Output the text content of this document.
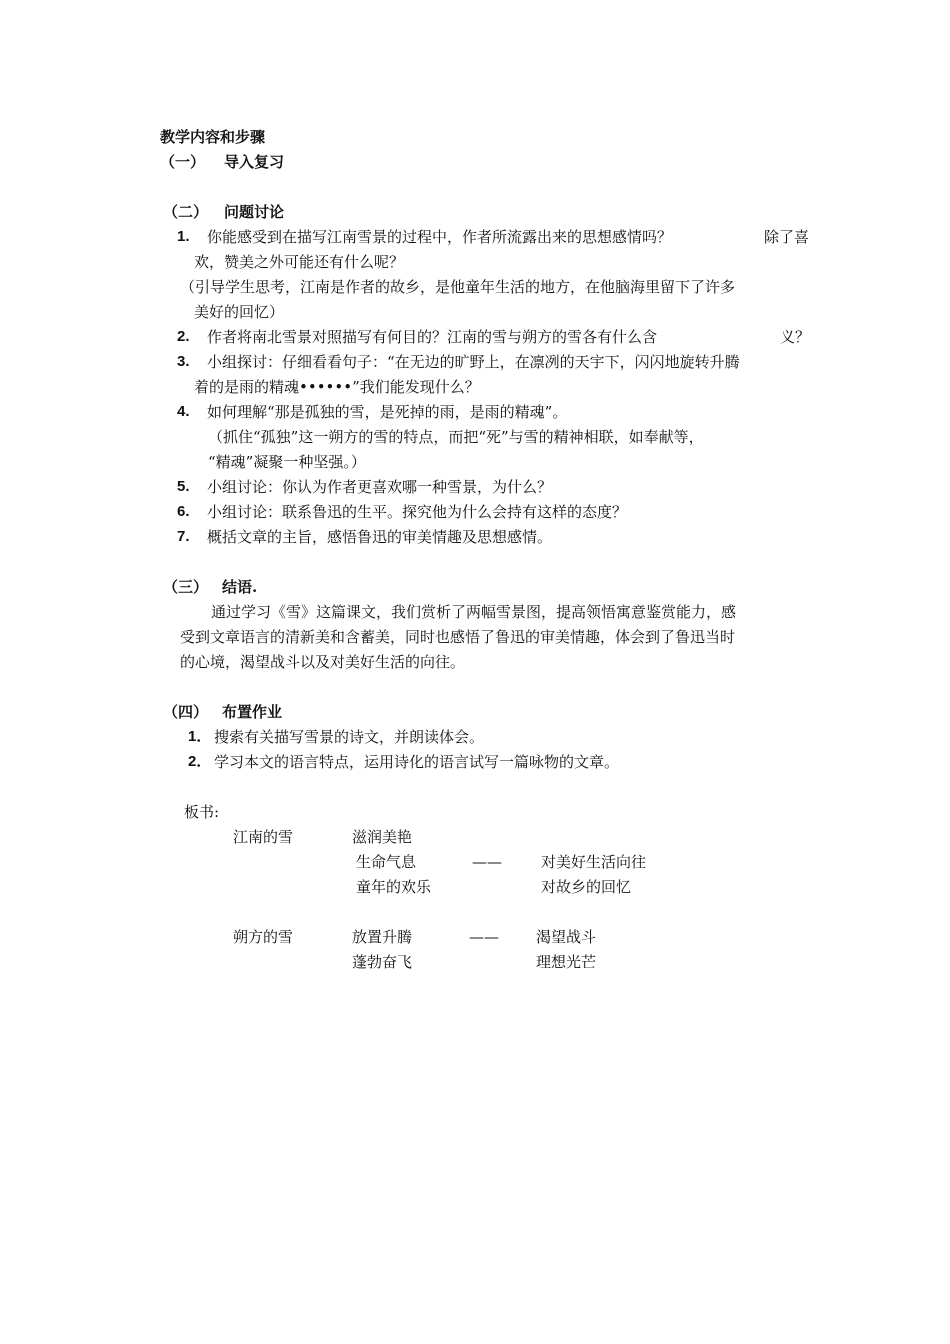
教学内容和步骤
（一） 导入复习
（二） 问题讨论
1. 你能感受到在描写江南雪景的过程中，作者所流露出来的思想感情吗？	除了喜
欢，赞美之外可能还有什么呢？
（引导学生思考，江南是作者的故乡，是他童年生活的地方，在他脑海里留下了许多
美好的回忆）
2. 作者将南北雪景对照描写有何目的？江南的雪与朔方的雪各有什么含	义？
3. 小组探讨：仔细看看句子：“在无边的旷野上，在凛冽的天宇下，闪闪地旋转升腾
着的是雨的精魂••••••”我们能发现什么？
4. 如何理解“那是孤独的雪，是死掉的雨，是雨的精魂”。
（抓住“孤独”这一朔方的雪的特点，而把“死”与雪的精神相联，如奉献等，
“精魂”凝聚一种坚强。）
5. 小组讨论：你认为作者更喜欢哪一种雪景，为什么？
6. 小组讨论：联系鲁迅的生平。探究他为什么会持有这样的态度？
7. 概括文章的主旨，感悟鲁迅的审美情趣及思想感情。
（三） 结语.
通过学习《雪》这篇课文，我们赏析了两幅雪景图，提高领悟寓意鉴赏能力，感
受到文章语言的清新美和含蓄美，同时也感悟了鲁迅的审美情趣，体会到了鲁迅当时
的心境，渴望战斗以及对美好生活的向往。
（四） 布置作业
1． 搜索有关描写雪景的诗文，并朗读体会。
2． 学习本文的语言特点，运用诗化的语言试写一篇咏物的文章。
板书:
江南的雪	滋润美艳
生命气息	——	对美好生活向往
童年的欢乐	对故乡的回忆
朔方的雪	放置升腾	—— 渴望战斗
蓬勃奋飞	理想光芒
